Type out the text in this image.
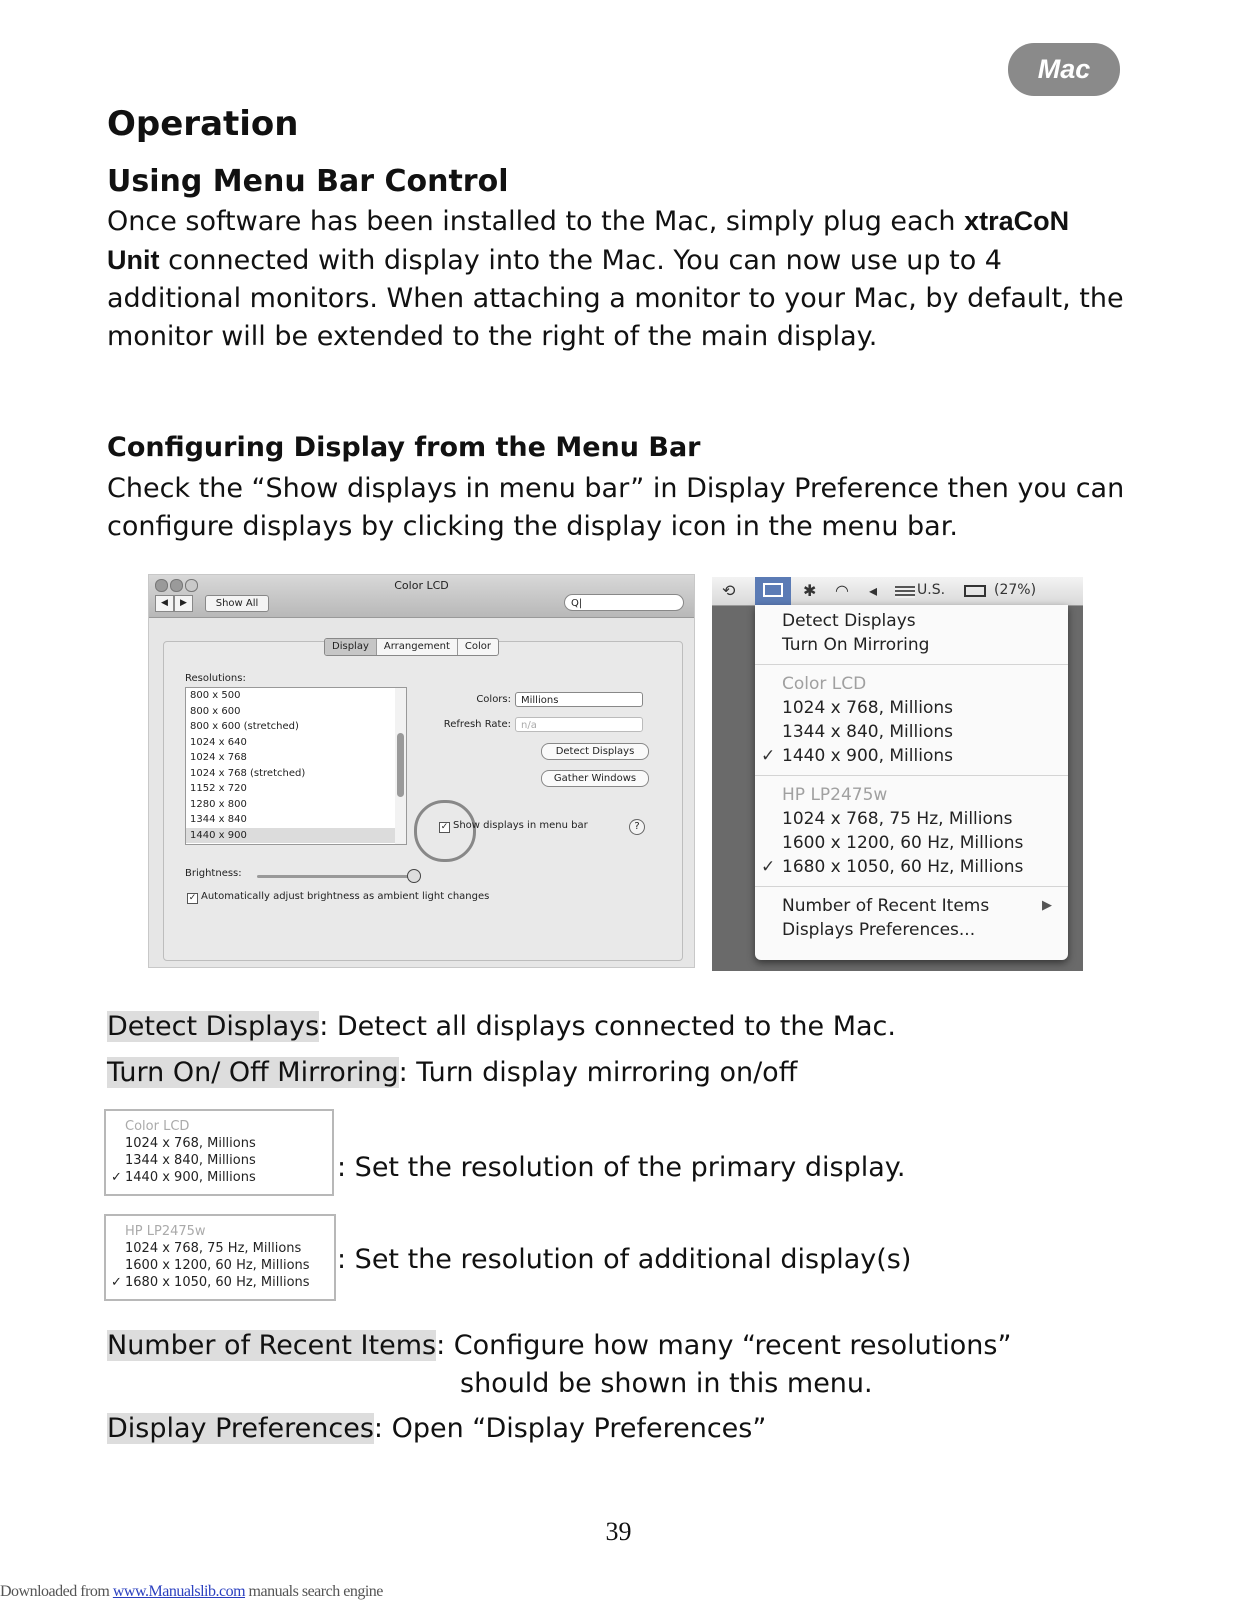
Mac
Operation
Using Menu Bar Control
Once software has been installed to the Mac, simply plug each xtraCoN Unit connected with display into the Mac. You can now use up to 4 additional monitors. When attaching a monitor to your Mac, by default, the monitor will be extended to the right of the main display.
Configuring Display from the Menu Bar
Check the “Show displays in menu bar” in Display Preference then you can configure displays by clicking the display icon in the menu bar.
Color LCD
◀	▶	Show All	Q|
Display	Arrangement	Color
Resolutions:
800 x 500
800 x 600
800 x 600 (stretched)
1024 x 640
1024 x 768
1024 x 768 (stretched)
1152 x 720
1280 x 800
1344 x 840
1440 x 900
Colors:	Millions
Refresh Rate:	n/a
Detect Displays
Gather Windows
✓ Show displays in menu bar	?
Brightness:
✓ Automatically adjust brightness as ambient light changes
⟲	✱ ◠ ◂	U.S.	(27%)
Detect Displays
Turn On Mirroring
Color LCD
1024 x 768, Millions
1344 x 840, Millions
✓ 1440 x 900, Millions
HP LP2475w
1024 x 768, 75 Hz, Millions
1600 x 1200, 60 Hz, Millions
✓ 1680 x 1050, 60 Hz, Millions
Number of Recent Items	▶
Displays Preferences...
Detect Displays: Detect all displays connected to the Mac.
Turn On/ Off Mirroring: Turn display mirroring on/off
Color LCD
1024 x 768, Millions
1344 x 840, Millions
✓ 1440 x 900, Millions	: Set the resolution of the primary display.
HP LP2475w
1024 x 768, 75 Hz, Millions
1600 x 1200, 60 Hz, Millions
✓ 1680 x 1050, 60 Hz, Millions
: Set the resolution of additional display(s)
Number of Recent Items: Configure how many “recent resolutions”
should be shown in this menu.
Display Preferences: Open “Display Preferences”
39
Downloaded from www.Manualslib.com manuals search engine
